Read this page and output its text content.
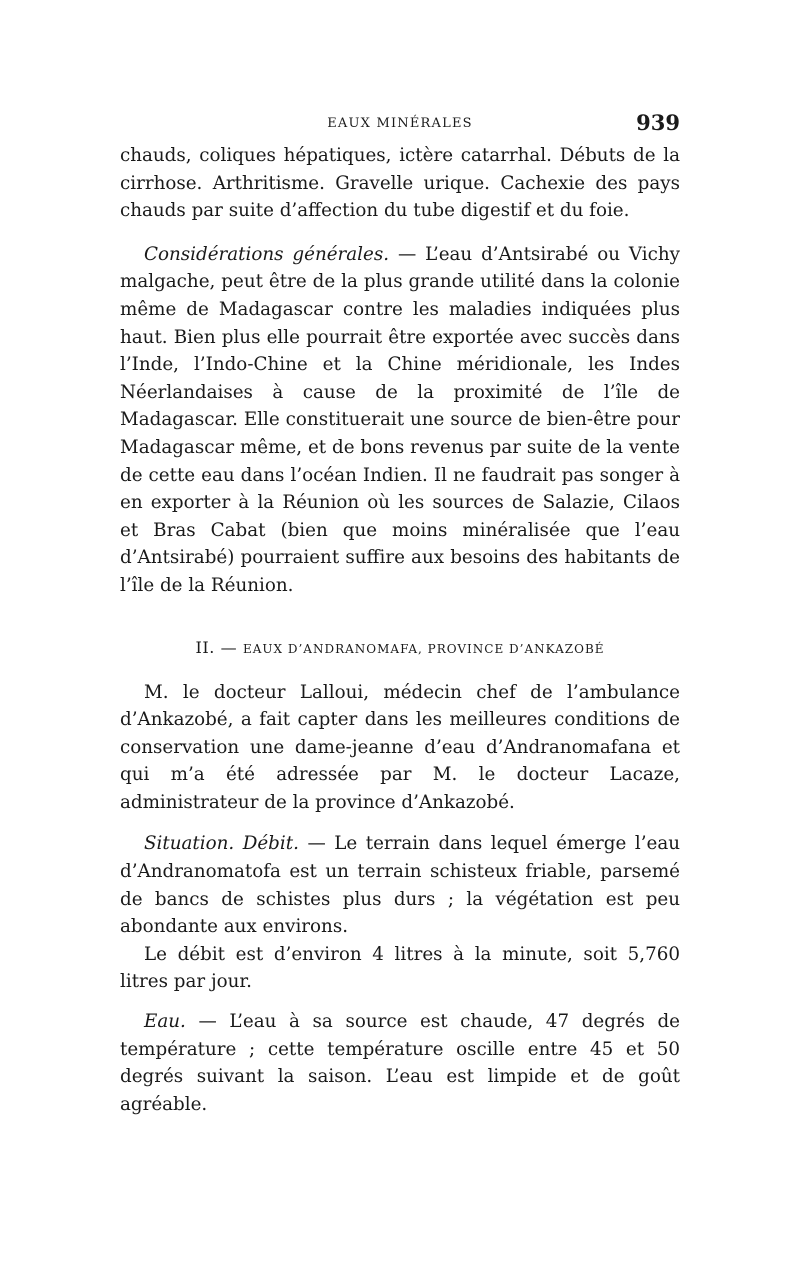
EAUX MINÉRALES	939

chauds, coliques hépatiques, ictère catarrhal. Débuts de la cirrhose. Arthritisme. Gravelle urique. Cachexie des pays chauds par suite d’affection du tube digestif et du foie.

Considérations générales. — L’eau d’Antsirabé ou Vichy malgache, peut être de la plus grande utilité dans la colonie même de Madagascar contre les maladies indiquées plus haut. Bien plus elle pourrait être exportée avec succès dans l’Inde, l’Indo-Chine et la Chine méridionale, les Indes Néerlandaises à cause de la proximité de l’île de Madagascar. Elle constituerait une source de bien-être pour Madagascar même, et de bons revenus par suite de la vente de cette eau dans l’océan Indien. Il ne faudrait pas songer à en exporter à la Réunion où les sources de Salazie, Cilaos et Bras Cabat (bien que moins minéralisée que l’eau d’Antsirabé) pourraient suffire aux besoins des habitants de l’île de la Réunion.

II. — EAUX D’ANDRANOMAFA, PROVINCE D’ANKAZOBÉ

M. le docteur Lalloui, médecin chef de l’ambulance d’Ankazobé, a fait capter dans les meilleures conditions de conservation une dame-jeanne d’eau d’Andranomafana et qui m’a été adressée par M. le docteur Lacaze, administrateur de la province d’Ankazobé.

Situation. Débit. — Le terrain dans lequel émerge l’eau d’Andranomatofa est un terrain schisteux friable, parsemé de bancs de schistes plus durs ; la végétation est peu abondante aux environs.

Le débit est d’environ 4 litres à la minute, soit 5,760 litres par jour.

Eau. — L’eau à sa source est chaude, 47 degrés de température ; cette température oscille entre 45 et 50 degrés suivant la saison. L’eau est limpide et de goût agréable.
